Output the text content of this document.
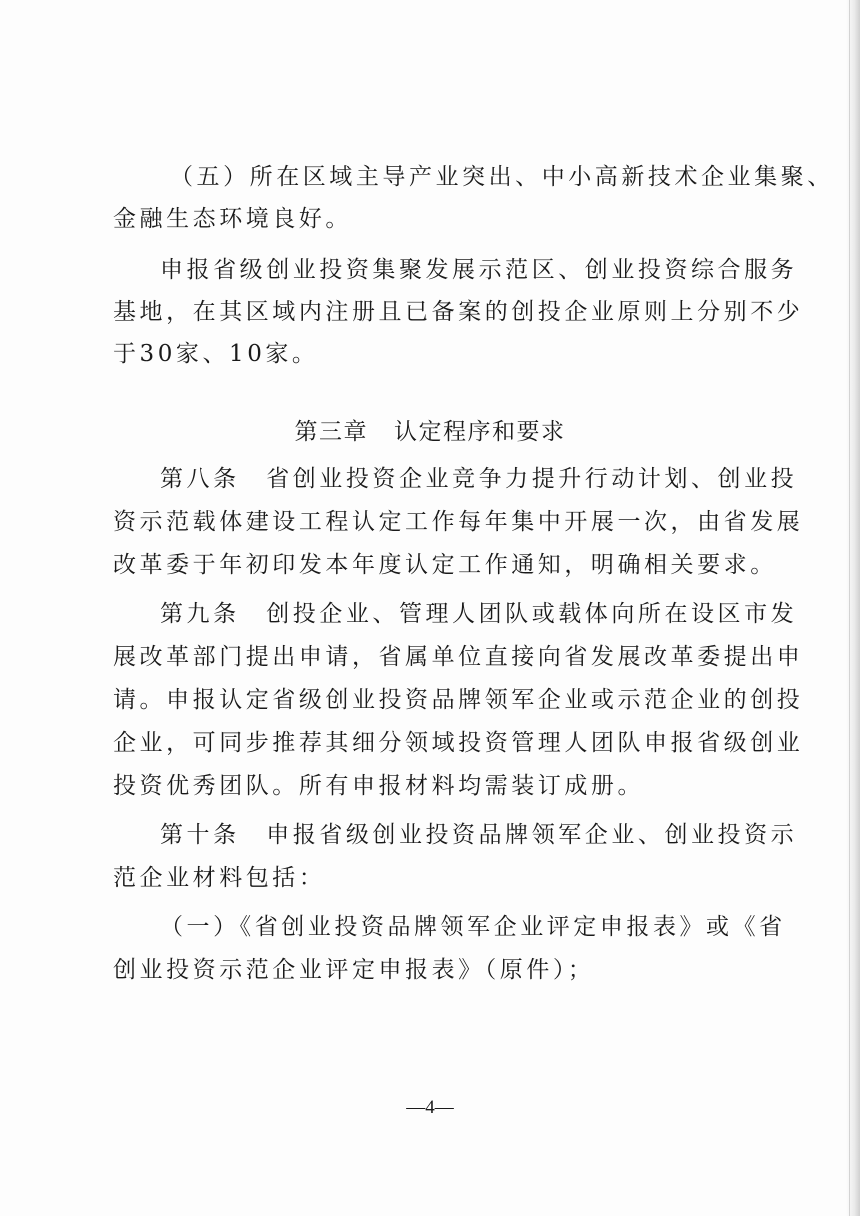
（五）所在区域主导产业突出、中小高新技术企业集聚、

金融生态环境良好。

申报省级创业投资集聚发展示范区、创业投资综合服务

基地，在其区域内注册且已备案的创投企业原则上分别不少

于30家、10家。

第三章 认定程序和要求

第八条　省创业投资企业竞争力提升行动计划、创业投

资示范载体建设工程认定工作每年集中开展一次，由省发展

改革委于年初印发本年度认定工作通知，明确相关要求。

第九条　创投企业、管理人团队或载体向所在设区市发

展改革部门提出申请，省属单位直接向省发展改革委提出申

请。申报认定省级创业投资品牌领军企业或示范企业的创投

企业，可同步推荐其细分领域投资管理人团队申报省级创业

投资优秀团队。所有申报材料均需装订成册。

第十条　申报省级创业投资品牌领军企业、创业投资示

范企业材料包括：

（一）《省创业投资品牌领军企业评定申报表》或《省

创业投资示范企业评定申报表》（原件）；

—4—
